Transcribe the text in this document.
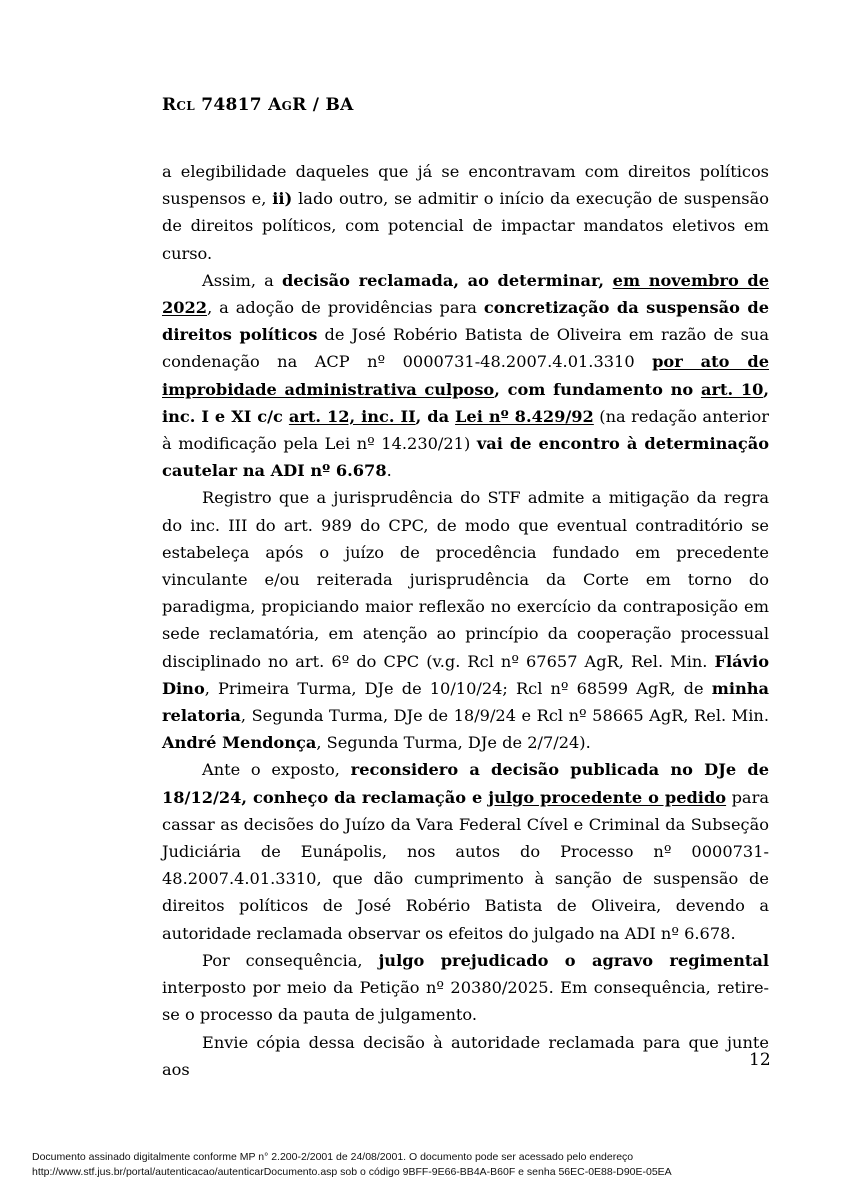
Rcl 74817 AgR / BA

a elegibilidade daqueles que já se encontravam com direitos políticos suspensos e, ii) lado outro, se admitir o início da execução de suspensão de direitos políticos, com potencial de impactar mandatos eletivos em curso.

Assim, a decisão reclamada, ao determinar, em novembro de 2022, a adoção de providências para concretização da suspensão de direitos políticos de José Robério Batista de Oliveira em razão de sua condenação na ACP nº 0000731-48.2007.4.01.3310 por ato de improbidade administrativa culposo, com fundamento no art. 10, inc. I e XI c/c art. 12, inc. II, da Lei nº 8.429/92 (na redação anterior à modificação pela Lei nº 14.230/21) vai de encontro à determinação cautelar na ADI nº 6.678.

Registro que a jurisprudência do STF admite a mitigação da regra do inc. III do art. 989 do CPC, de modo que eventual contraditório se estabeleça após o juízo de procedência fundado em precedente vinculante e/ou reiterada jurisprudência da Corte em torno do paradigma, propiciando maior reflexão no exercício da contraposição em sede reclamatória, em atenção ao princípio da cooperação processual disciplinado no art. 6º do CPC (v.g. Rcl nº 67657 AgR, Rel. Min. Flávio Dino, Primeira Turma, DJe de 10/10/24; Rcl nº 68599 AgR, de minha relatoria, Segunda Turma, DJe de 18/9/24 e Rcl nº 58665 AgR, Rel. Min. André Mendonça, Segunda Turma, DJe de 2/7/24).

Ante o exposto, reconsidero a decisão publicada no DJe de 18/12/24, conheço da reclamação e julgo procedente o pedido para cassar as decisões do Juízo da Vara Federal Cível e Criminal da Subseção Judiciária de Eunápolis, nos autos do Processo nº 0000731-48.2007.4.01.3310, que dão cumprimento à sanção de suspensão de direitos políticos de José Robério Batista de Oliveira, devendo a autoridade reclamada observar os efeitos do julgado na ADI nº 6.678.

Por consequência, julgo prejudicado o agravo regimental interposto por meio da Petição nº 20380/2025. Em consequência, retire-se o processo da pauta de julgamento.

Envie cópia dessa decisão à autoridade reclamada para que junte aos	12
Documento assinado digitalmente conforme MP n° 2.200-2/2001 de 24/08/2001. O documento pode ser acessado pelo endereço
http://www.stf.jus.br/portal/autenticacao/autenticarDocumento.asp sob o código 9BFF-9E66-BB4A-B60F e senha 56EC-0E88-D90E-05EA
